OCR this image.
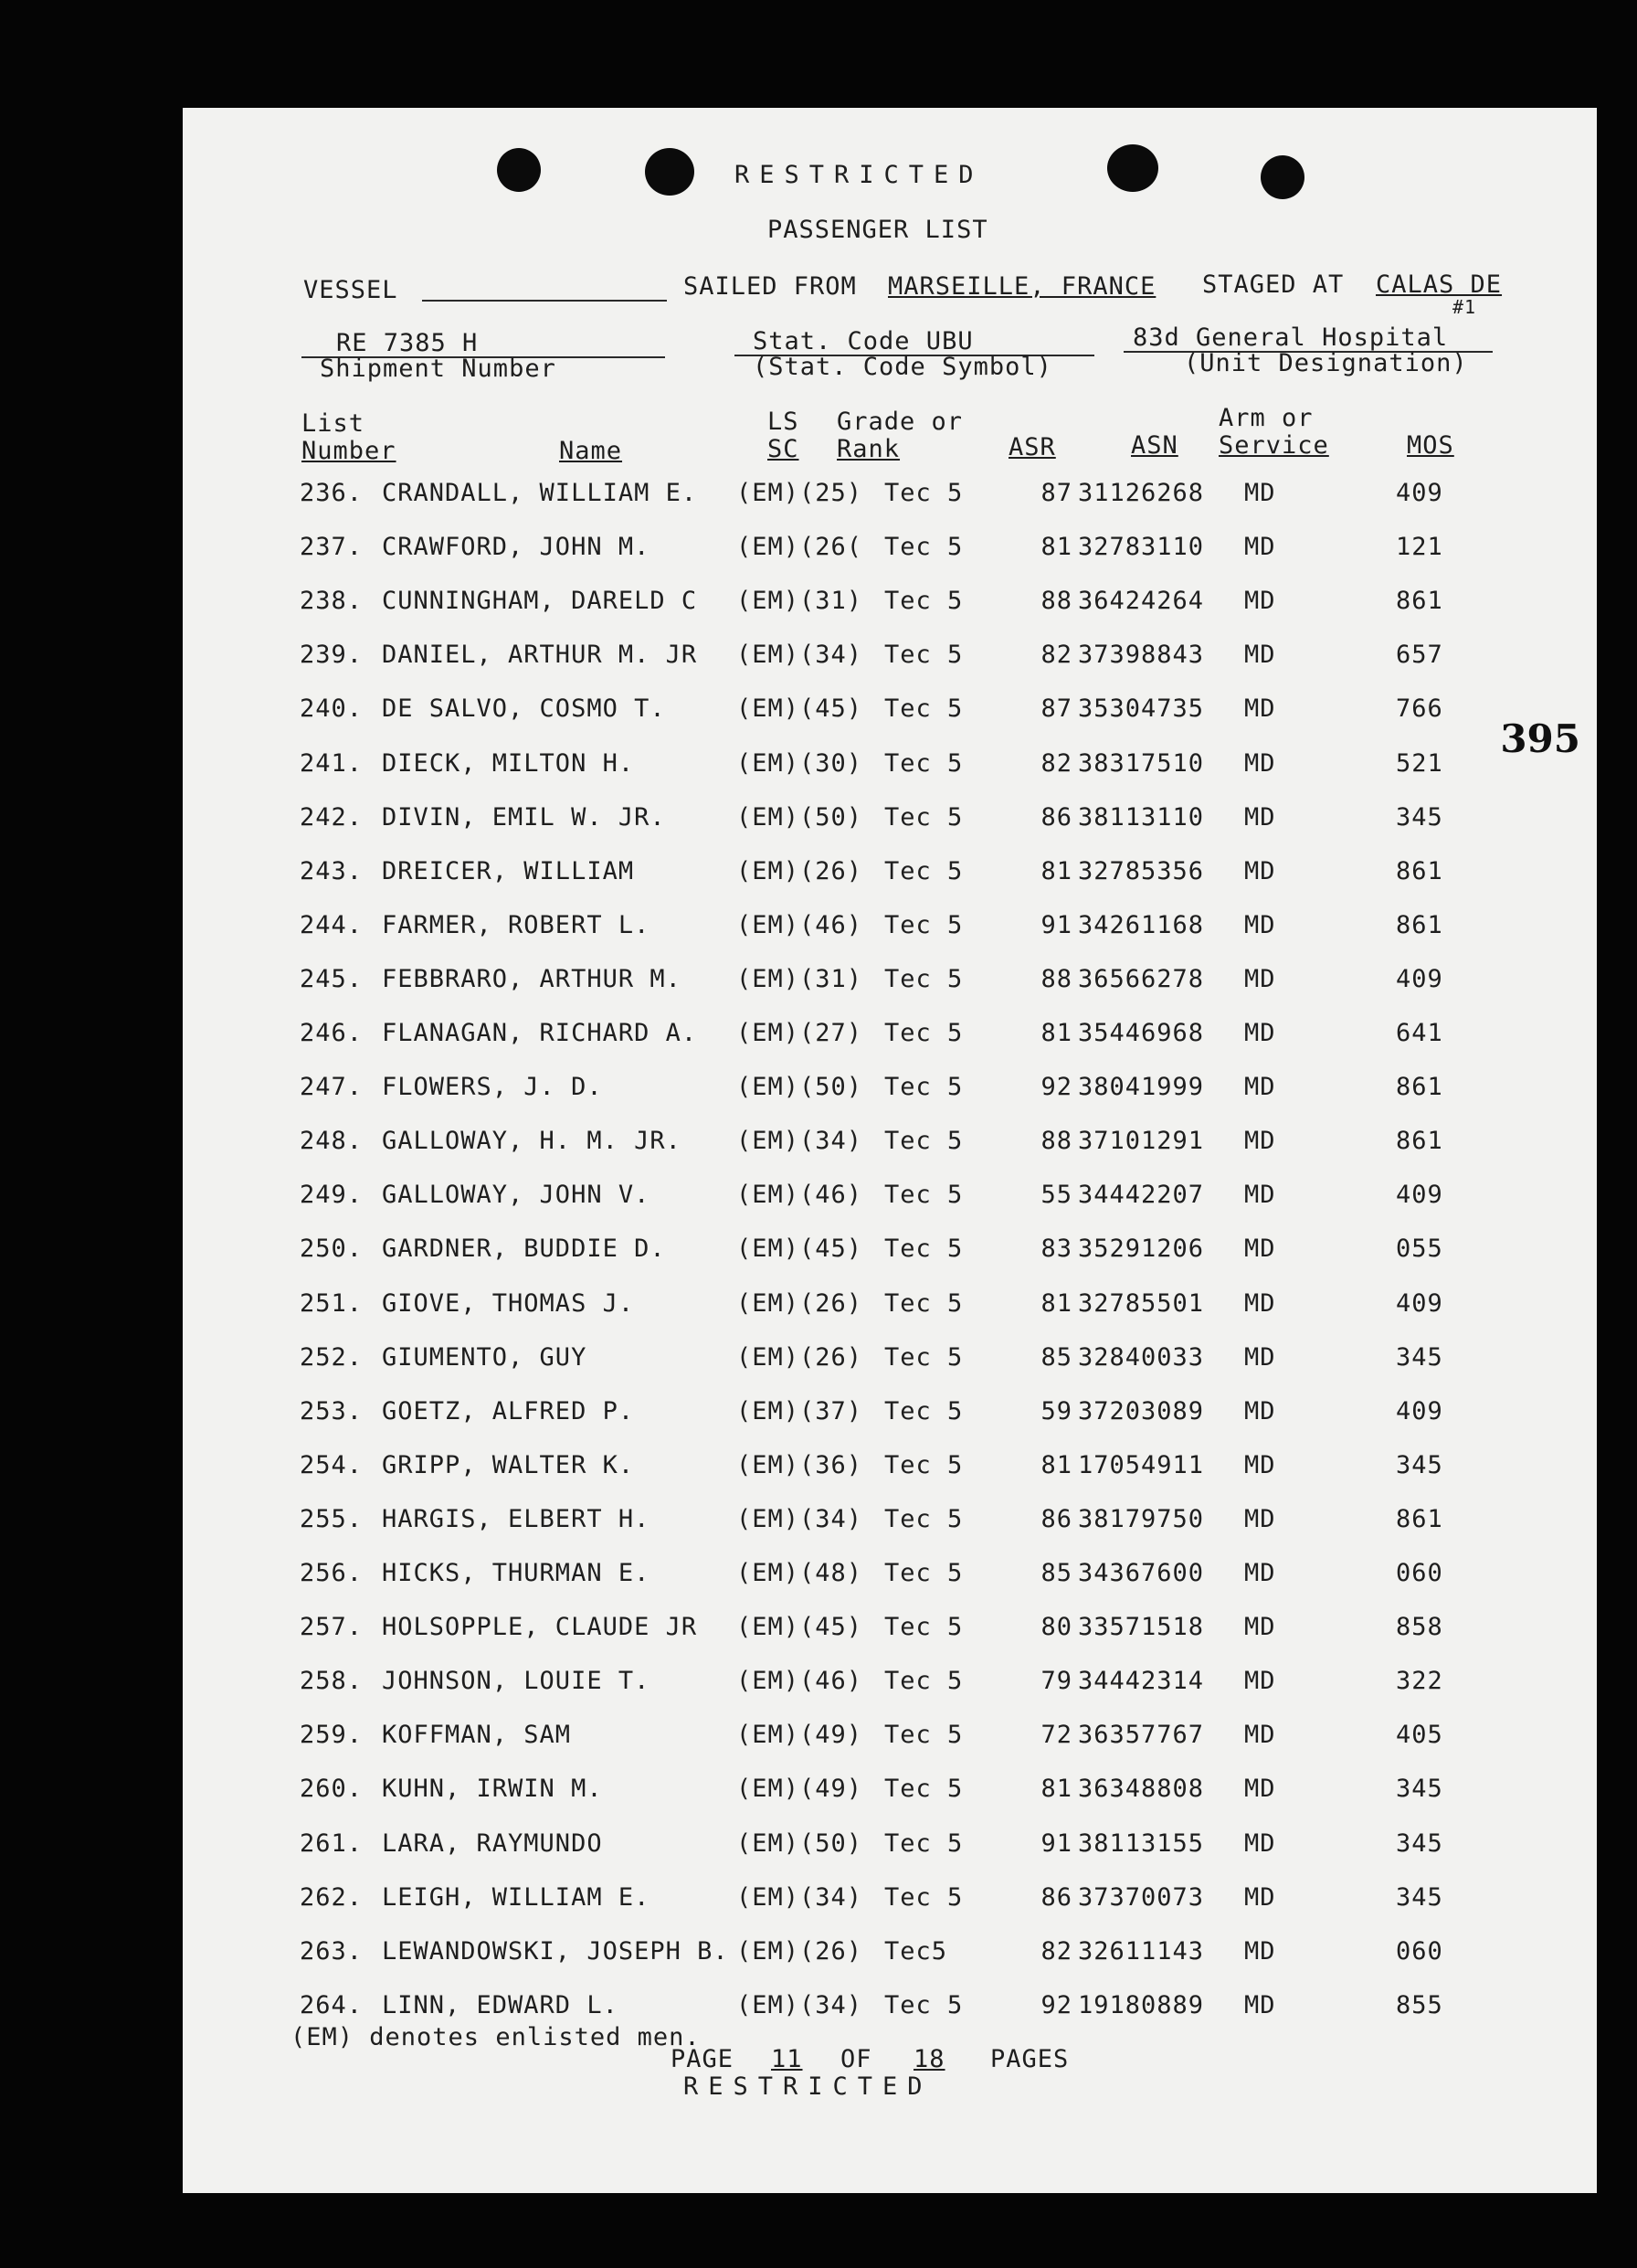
RESTRICTED
PASSENGER LIST
VESSEL	SAILED FROM MARSEILLE, FRANCE STAGED AT CALAS DE
#1
RE 7385 H
Shipment Number
Stat. Code UBU
(Stat. Code Symbol)
83d General Hospital
(Unit Designation)
List
Number	Name
LS
SC
Grade or
Rank	ASR	ASN
Arm or
Service	MOS
236. CRANDALL, WILLIAM E. (EM)(25) Tec 5	87 31126268 MD	409
237. CRAWFORD, JOHN M.	(EM)(26( Tec 5	81 32783110 MD	121
238. CUNNINGHAM, DARELD C (EM)(31) Tec 5	88 36424264 MD	861
239. DANIEL, ARTHUR M. JR (EM)(34) Tec 5	82 37398843 MD	657
240. DE SALVO, COSMO T.	(EM)(45) Tec 5	87 35304735 MD	766
241. DIECK, MILTON H.	(EM)(30) Tec 5	82 38317510 MD	521
242. DIVIN, EMIL W. JR.	(EM)(50) Tec 5	86 38113110 MD	345
243. DREICER, WILLIAM	(EM)(26) Tec 5	81 32785356 MD	861
244. FARMER, ROBERT L.	(EM)(46) Tec 5	91 34261168 MD	861
245. FEBBRARO, ARTHUR M. (EM)(31) Tec 5	88 36566278 MD	409
246. FLANAGAN, RICHARD A. (EM)(27) Tec 5	81 35446968 MD	641
247. FLOWERS, J. D.	(EM)(50) Tec 5	92 38041999 MD	861
248. GALLOWAY, H. M. JR. (EM)(34) Tec 5	88 37101291 MD	861
249. GALLOWAY, JOHN V.	(EM)(46) Tec 5	55 34442207 MD	409
250. GARDNER, BUDDIE D.	(EM)(45) Tec 5	83 35291206 MD	055
251. GIOVE, THOMAS J.	(EM)(26) Tec 5	81 32785501 MD	409
252. GIUMENTO, GUY	(EM)(26) Tec 5	85 32840033 MD	345
253. GOETZ, ALFRED P.	(EM)(37) Tec 5	59 37203089 MD	409
254. GRIPP, WALTER K.	(EM)(36) Tec 5	81 17054911 MD	345
255. HARGIS, ELBERT H.	(EM)(34) Tec 5	86 38179750 MD	861
256. HICKS, THURMAN E.	(EM)(48) Tec 5	85 34367600 MD	060
257. HOLSOPPLE, CLAUDE JR (EM)(45) Tec 5	80 33571518 MD	858
258. JOHNSON, LOUIE T.	(EM)(46) Tec 5	79 34442314 MD	322
259. KOFFMAN, SAM	(EM)(49) Tec 5	72 36357767 MD	405
260. KUHN, IRWIN M.	(EM)(49) Tec 5	81 36348808 MD	345
261. LARA, RAYMUNDO	(EM)(50) Tec 5	91 38113155 MD	345
262. LEIGH, WILLIAM E.	(EM)(34) Tec 5	86 37370073 MD	345
263. LEWANDOWSKI, JOSEPH B. (EM)(26) Tec5	82 32611143 MD	060
264. LINN, EDWARD L.	(EM)(34) Tec 5	92 19180889 MD	855
(EM) denotes enlisted men.
PAGE 11 OF 18 PAGES
RESTRICTED
395
